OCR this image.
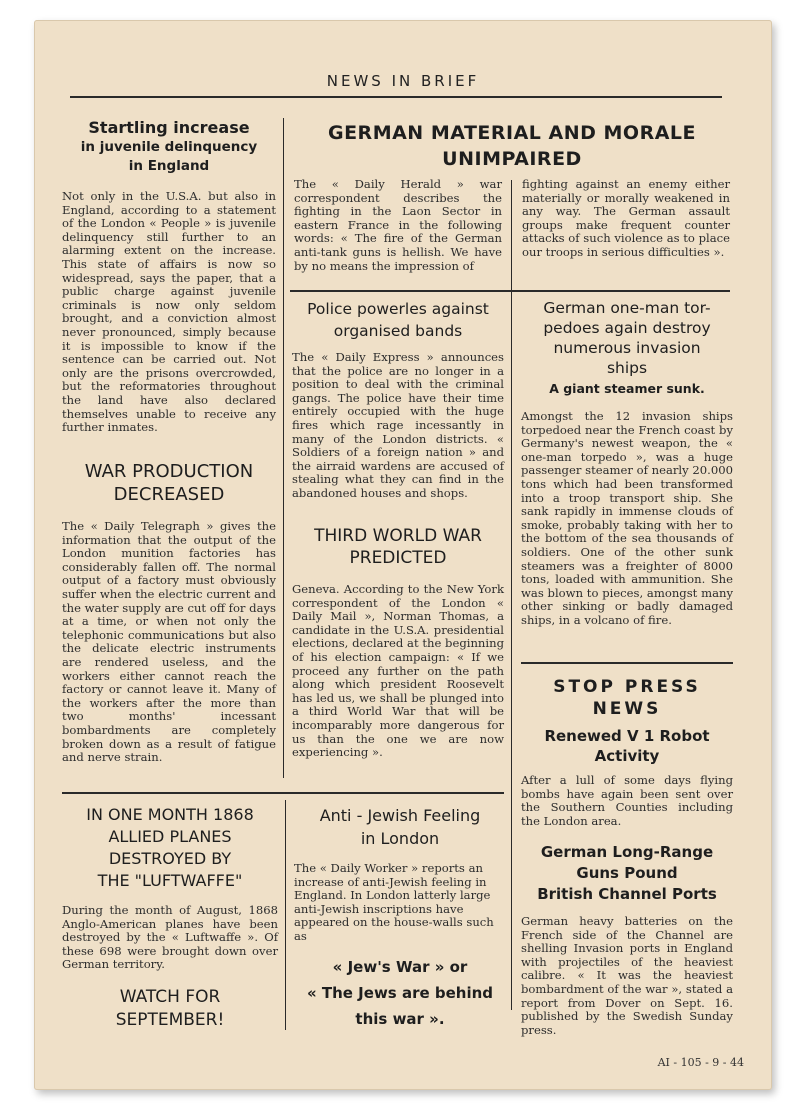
NEWS IN BRIEF
Startling increase
in juvenile delinquency
in England
Not only in the U.S.A. but also in England, according to a statement of the London « People » is juvenile delinquency still further to an alarming extent on the increase. This state of affairs is now so widespread, says the paper, that a public charge against juvenile criminals is now only seldom brought, and a conviction almost never pronounced, simply because it is impossible to know if the sentence can be carried out. Not only are the prisons overcrowded, but the reformatories throughout the land have also declared themselves unable to receive any further inmates.
WAR PRODUCTION
DECREASED
The « Daily Telegraph » gives the information that the output of the London munition factories has considerably fallen off. The normal output of a factory must obviously suffer when the electric current and the water supply are cut off for days at a time, or when not only the telephonic communications but also the delicate electric instruments are rendered useless, and the workers either cannot reach the factory or cannot leave it. Many of the workers after the more than two months' incessant bombardments are completely broken down as a result of fatigue and nerve strain.
GERMAN MATERIAL AND MORALE
UNIMPAIRED
The « Daily Herald » war correspondent describes the fighting in the Laon Sector in eastern France in the following words: « The fire of the German anti-tank guns is hellish. We have by no means the impression of
fighting against an enemy either materially or morally weakened in any way. The German assault groups make frequent counter attacks of such violence as to place our troops in serious difficulties ».
Police powerles against
organised bands
The « Daily Express » announces that the police are no longer in a position to deal with the criminal gangs. The police have their time entirely occupied with the huge fires which rage incessantly in many of the London districts. « Soldiers of a foreign nation » and the airraid wardens are accused of stealing what they can find in the abandoned houses and shops.
THIRD WORLD WAR
PREDICTED
Geneva. According to the New York correspondent of the London « Daily Mail », Norman Thomas, a candidate in the U.S.A. presidential elections, declared at the beginning of his election campaign: « If we proceed any further on the path along which president Roosevelt has led us, we shall be plunged into a third World War that will be incomparably more dangerous for us than the one we are now experiencing ».
German one-man tor-
pedoes again destroy
numerous invasion
ships
A giant steamer sunk.
Amongst the 12 invasion ships torpedoed near the French coast by Germany's newest weapon, the « one-man torpedo », was a huge passenger steamer of nearly 20.000 tons which had been transformed into a troop transport ship. She sank rapidly in immense clouds of smoke, probably taking with her to the bottom of the sea thousands of soldiers. One of the other sunk steamers was a freighter of 8000 tons, loaded with ammunition. She was blown to pieces, amongst many other sinking or badly damaged ships, in a volcano of fire.
STOP PRESS
NEWS
Renewed V 1 Robot
Activity
After a lull of some days flying bombs have again been sent over the Southern Counties including the London area.
German Long-Range
Guns Pound
British Channel Ports
German heavy batteries on the French side of the Channel are shelling Invasion ports in England with projectiles of the heaviest calibre. « It was the heaviest bombardment of the war », stated a report from Dover on Sept. 16. published by the Swedish Sunday press.
IN ONE MONTH 1868
ALLIED PLANES
DESTROYED BY
THE "LUFTWAFFE"
During the month of August, 1868 Anglo-American planes have been destroyed by the « Luftwaffe ». Of these 698 were brought down over German territory.
WATCH FOR
SEPTEMBER!
Anti - Jewish Feeling
in London
The « Daily Worker » reports an increase of anti-Jewish feeling in England. In London latterly large anti-Jewish inscriptions have appeared on the house-walls such as
« Jew's War » or
« The Jews are behind
this war ».
AI - 105 - 9 - 44
